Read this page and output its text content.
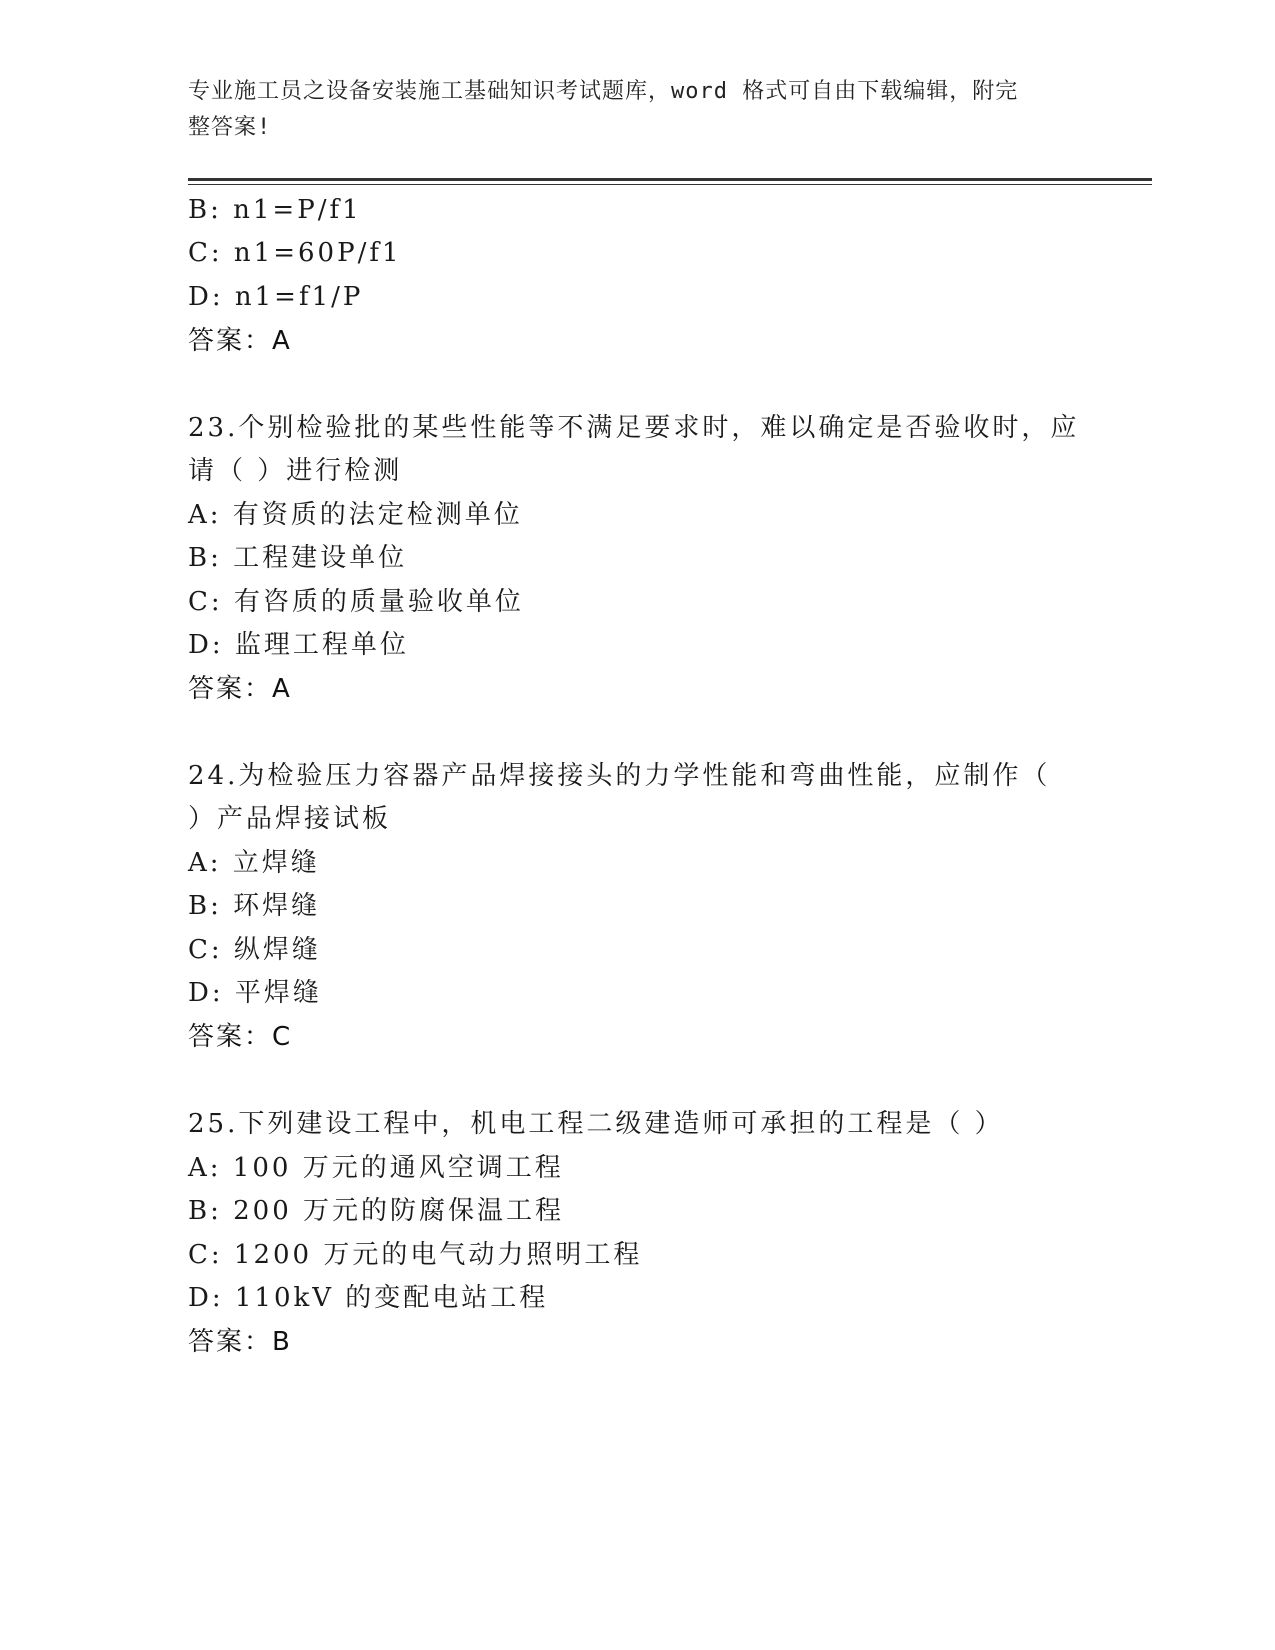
专业施工员之设备安装施工基础知识考试题库，word 格式可自由下载编辑，附完
整答案!
B: n1=P/f1
C: n1=60P/f1
D: n1=f1/P
答案：A
23.个别检验批的某些性能等不满足要求时，难以确定是否验收时，应
请（ ）进行检测
A: 有资质的法定检测单位
B: 工程建设单位
C: 有咨质的质量验收单位
D: 监理工程单位
答案：A
24.为检验压力容器产品焊接接头的力学性能和弯曲性能，应制作（
）产品焊接试板
A: 立焊缝
B: 环焊缝
C: 纵焊缝
D: 平焊缝
答案：C
25.下列建设工程中，机电工程二级建造师可承担的工程是（ ）
A: 100 万元的通风空调工程
B: 200 万元的防腐保温工程
C: 1200 万元的电气动力照明工程
D: 110kV 的变配电站工程
答案：B
